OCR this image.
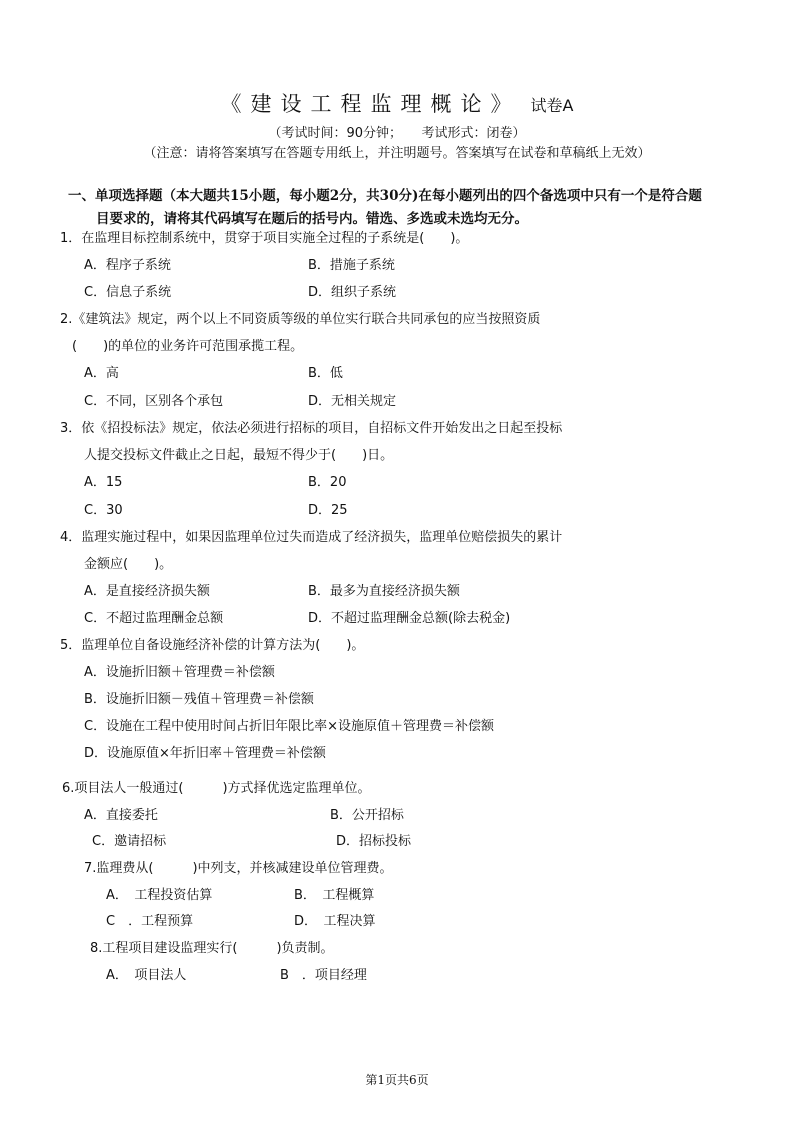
《建设工程监理概论》 试卷A
（考试时间：90分钟；　　考试形式：闭卷）
（注意：请将答案填写在答题专用纸上，并注明题号。答案填写在试卷和草稿纸上无效）
一、单项选择题（本大题共15小题，每小题2分，共30分)在每小题列出的四个备选项中只有一个是符合题
目要求的，请将其代码填写在题后的括号内。错选、多选或未选均无分。
1．在监理目标控制系统中，贯穿于项目实施全过程的子系统是(　　)。
A．程序子系统	B．措施子系统
C．信息子系统	D．组织子系统
2.《建筑法》规定，两个以上不同资质等级的单位实行联合共同承包的应当按照资质
(　　)的单位的业务许可范围承揽工程。
A．高	B．低
C．不同，区别各个承包	D．无相关规定
3．依《招投标法》规定，依法必须进行招标的项目，自招标文件开始发出之日起至投标
人提交投标文件截止之日起，最短不得少于(　　)日。
A．15	B．20
C．30	D．25
4．监理实施过程中，如果因监理单位过失而造成了经济损失，监理单位赔偿损失的累计
金额应(　　)。
A．是直接经济损失额	B．最多为直接经济损失额
C．不超过监理酬金总额	D．不超过监理酬金总额(除去税金)
5．监理单位自备设施经济补偿的计算方法为(　　)。
A．设施折旧额＋管理费＝补偿额
B．设施折旧额－残值＋管理费＝补偿额
C．设施在工程中使用时间占折旧年限比率×设施原值＋管理费＝补偿额
D．设施原值×年折旧率＋管理费＝补偿额
6.项目法人一般通过(　　　)方式择优选定监理单位。
A．直接委托	B．公开招标
C．邀请招标	D．招标投标
7.监理费从(　　　)中列支，并核减建设单位管理费。
A．　工程投资估算	B．　工程概算
C　．工程预算	D．　工程决算
8.工程项目建设监理实行(　　　)负责制。
A．　项目法人	B　．项目经理
第1页共6页
